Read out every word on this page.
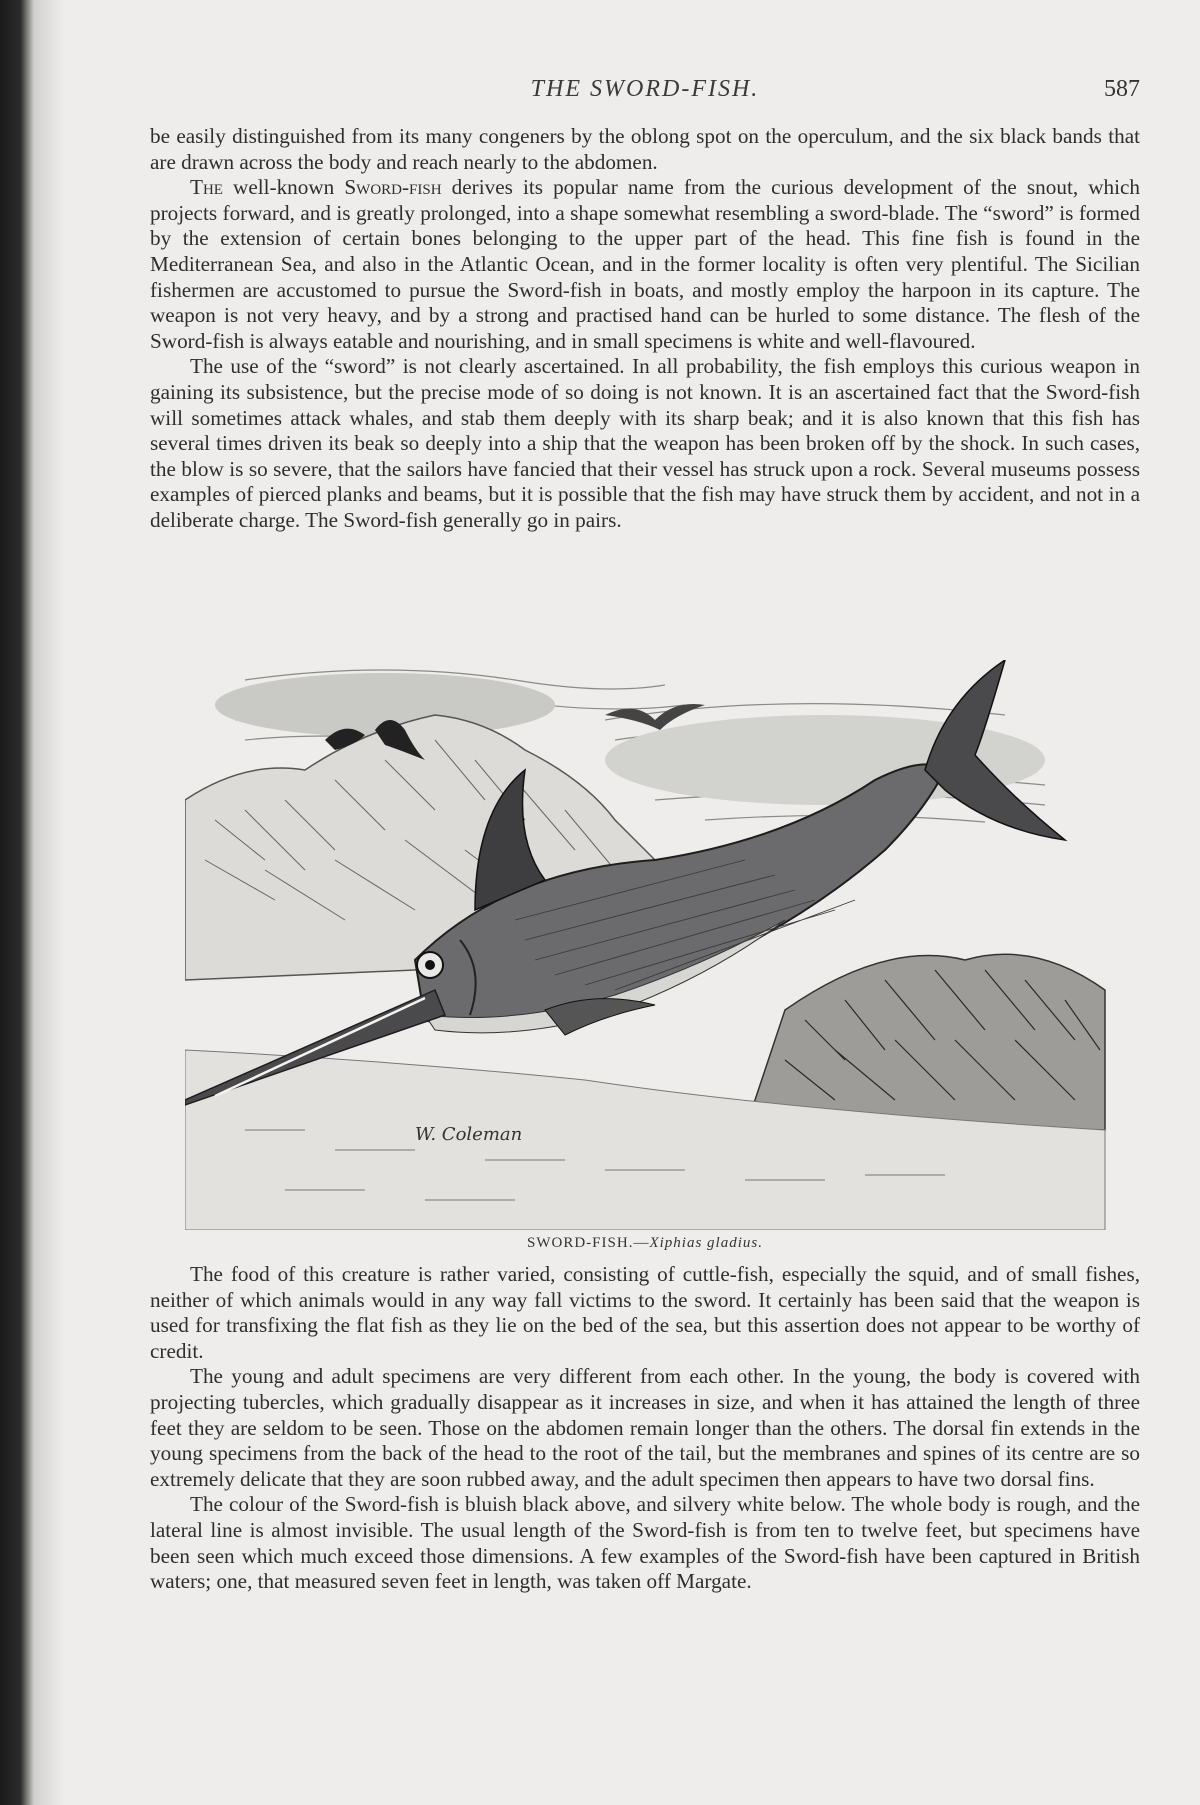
THE SWORD-FISH.	587

be easily distinguished from its many congeners by the oblong spot on the operculum, and the six black bands that are drawn across the body and reach nearly to the abdomen.

The well-known Sword-fish derives its popular name from the curious development of the snout, which projects forward, and is greatly prolonged, into a shape somewhat resembling a sword-blade. The “sword” is formed by the extension of certain bones belonging to the upper part of the head. This fine fish is found in the Mediterranean Sea, and also in the Atlantic Ocean, and in the former locality is often very plentiful. The Sicilian fishermen are accustomed to pursue the Sword-fish in boats, and mostly employ the harpoon in its capture. The weapon is not very heavy, and by a strong and practised hand can be hurled to some distance. The flesh of the Sword-fish is always eatable and nourishing, and in small specimens is white and well-flavoured.

The use of the “sword” is not clearly ascertained. In all probability, the fish employs this curious weapon in gaining its subsistence, but the precise mode of so doing is not known. It is an ascertained fact that the Sword-fish will sometimes attack whales, and stab them deeply with its sharp beak; and it is also known that this fish has several times driven its beak so deeply into a ship that the weapon has been broken off by the shock. In such cases, the blow is so severe, that the sailors have fancied that their vessel has struck upon a rock. Several museums possess examples of pierced planks and beams, but it is possible that the fish may have struck them by accident, and not in a deliberate charge. The Sword-fish generally go in pairs.

W. Coleman
SWORD-FISH.—Xiphias gladius.

The food of this creature is rather varied, consisting of cuttle-fish, especially the squid, and of small fishes, neither of which animals would in any way fall victims to the sword. It certainly has been said that the weapon is used for transfixing the flat fish as they lie on the bed of the sea, but this assertion does not appear to be worthy of credit.

The young and adult specimens are very different from each other. In the young, the body is covered with projecting tubercles, which gradually disappear as it increases in size, and when it has attained the length of three feet they are seldom to be seen. Those on the abdomen remain longer than the others. The dorsal fin extends in the young specimens from the back of the head to the root of the tail, but the membranes and spines of its centre are so extremely delicate that they are soon rubbed away, and the adult specimen then appears to have two dorsal fins.

The colour of the Sword-fish is bluish black above, and silvery white below. The whole body is rough, and the lateral line is almost invisible. The usual length of the Sword-fish is from ten to twelve feet, but specimens have been seen which much exceed those dimensions. A few examples of the Sword-fish have been captured in British waters; one, that measured seven feet in length, was taken off Margate.
